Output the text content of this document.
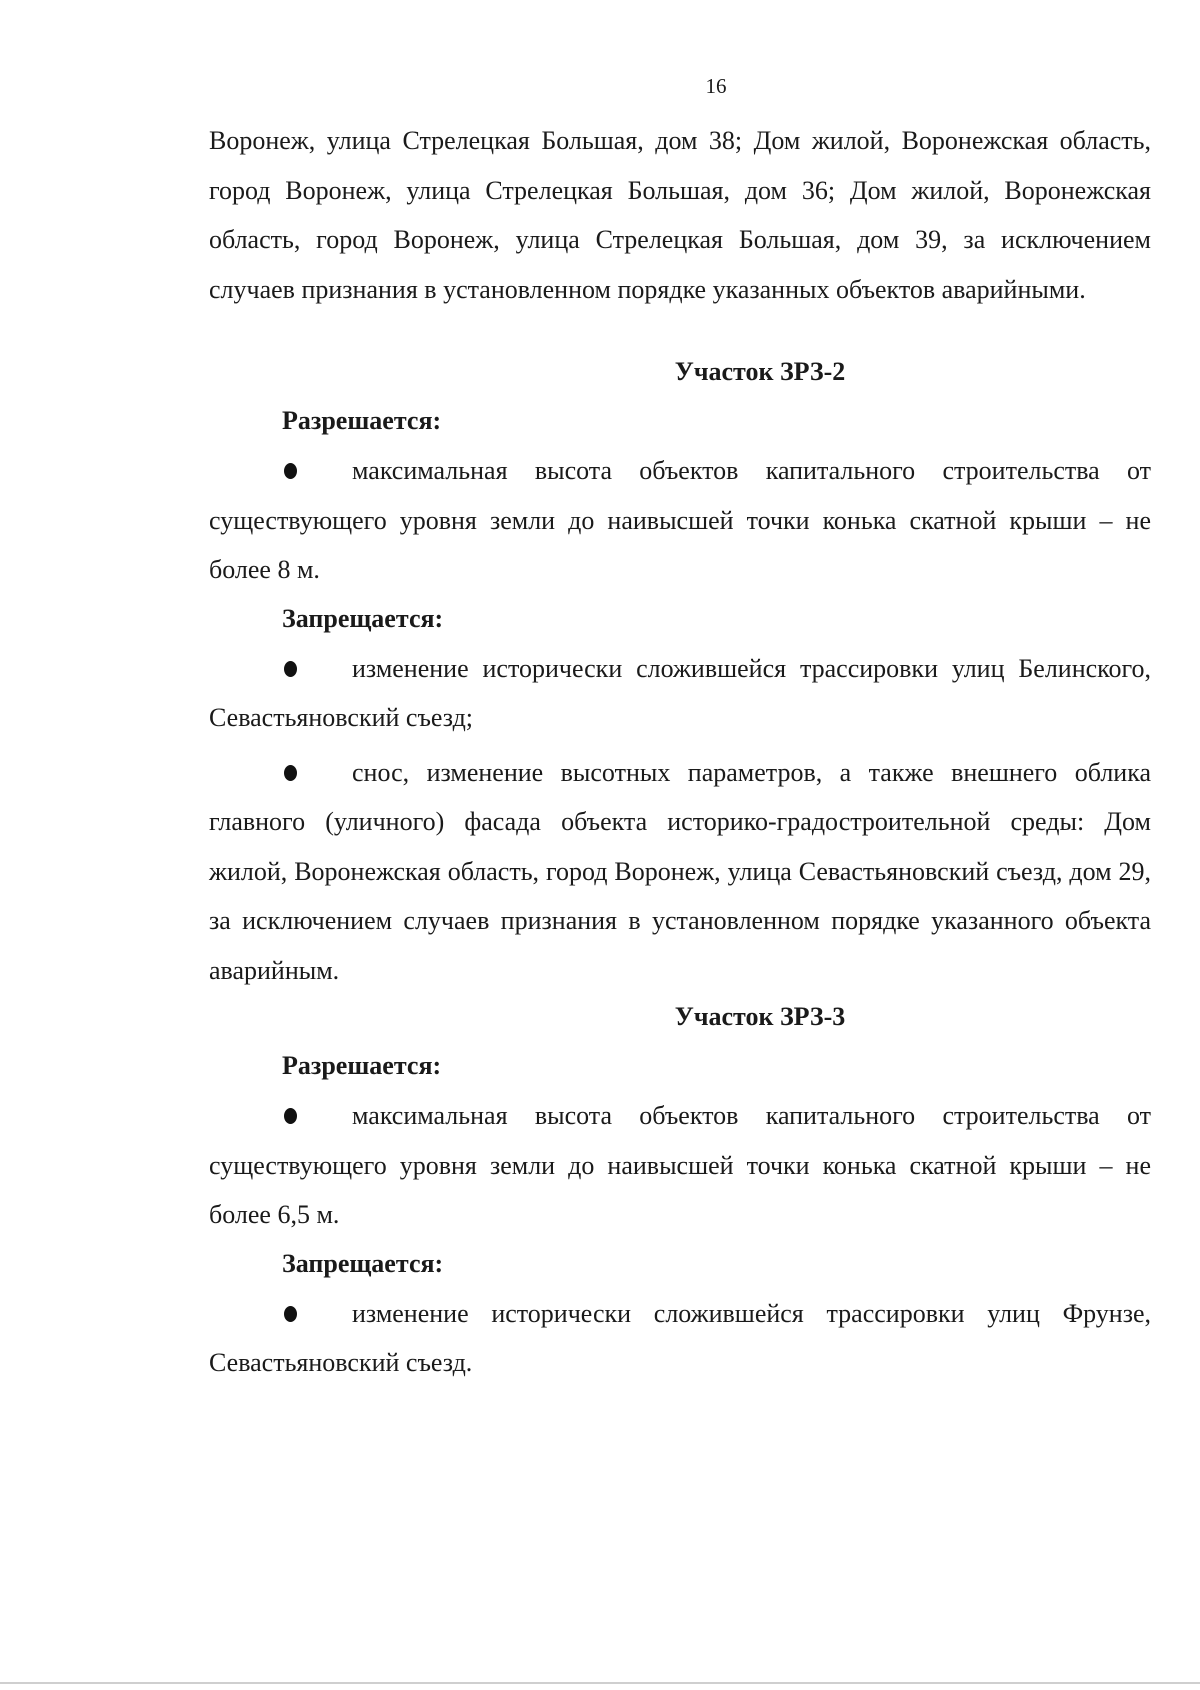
16

Воронеж, улица Стрелецкая Большая, дом 38; Дом жилой, Воронежская область, город Воронеж, улица Стрелецкая Большая, дом 36; Дом жилой, Воронежская область, город Воронеж, улица Стрелецкая Большая, дом 39, за исключением случаев признания в установленном порядке указанных объектов аварийными.

Участок ЗРЗ-2

Разрешается:

максимальная высота объектов капитального строительства от существующего уровня земли до наивысшей точки конька скатной крыши – не более 8 м.

Запрещается:

изменение исторически сложившейся трассировки улиц Белинского, Севастьяновский съезд;

снос, изменение высотных параметров, а также внешнего облика главного (уличного) фасада объекта историко-градостроительной среды: Дом жилой, Воронежская область, город Воронеж, улица Севастьяновский съезд, дом 29, за исключением случаев признания в установленном порядке указанного объекта аварийным.

Участок ЗРЗ-3

Разрешается:

максимальная высота объектов капитального строительства от существующего уровня земли до наивысшей точки конька скатной крыши – не более 6,5 м.

Запрещается:

изменение исторически сложившейся трассировки улиц Фрунзе, Севастьяновский съезд.
